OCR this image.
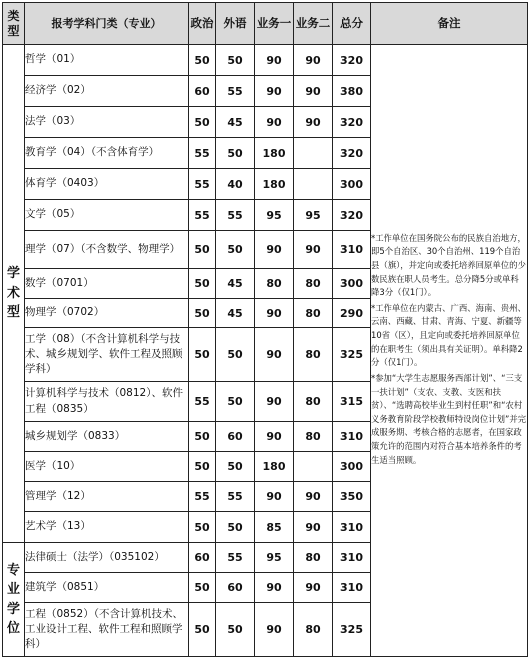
类型	报考学科门类（专业）	政治	外语	业务一	业务二	总分	备注
学术型	哲学（01）	50	50	90	90	320	*工作单位在国务院公布的民族自治地方，即5个自治区、30个自治州、119个自治县（旗），并定向或委托培养回原单位的少数民族在职人员考生。总分降5分或单科降3分（仅1门）。

*工作单位在内蒙古、广西、海南、贵州、云南、西藏、甘肃、青海、宁夏、新疆等10省（区），且定向或委托培养回原单位的在职考生（须出具有关证明）。单科降2分（仅1门）。

*参加“大学生志愿服务西部计划”、“三支一扶计划”（支农、支教、支医和扶贫）、“选聘高校毕业生到村任职”和“农村义务教育阶段学校教师特设岗位计划”并完成服务期、考核合格的志愿者，在国家政策允许的范围内对符合基本培养条件的考生适当照顾。

	经济学（02）	60	55	90	90	380	
	法学（03）	50	45	90	90	320	
	教育学（04）（不含体育学）	55	50	180		320	
	体育学（0403）	55	40	180		300	
	文学（05）	55	55	95	95	320	
	理学（07）（不含数学、物理学）	50	50	90	90	310	
	数学（0701）	50	45	80	80	300	
	物理学（0702）	50	45	90	80	290	
	工学（08）（不含计算机科学与技术、城乡规划学、软件工程及照顾学科）	50	50	90	80	325	
	计算机科学与技术（0812）、软件工程（0835）	55	50	90	80	315	
	城乡规划学（0833）	50	60	90	80	310	
	医学（10）	50	50	180		300	
	管理学（12）	55	55	90	90	350	
	艺术学（13）	50	50	85	90	310	
专业学位	法律硕士（法学）（035102）	60	55	95	80	310	
	建筑学（0851）	50	60	90	90	310	
	工程（0852）（不含计算机技术、工业设计工程、软件工程和照顾学科）	50	50	90	80	325	
